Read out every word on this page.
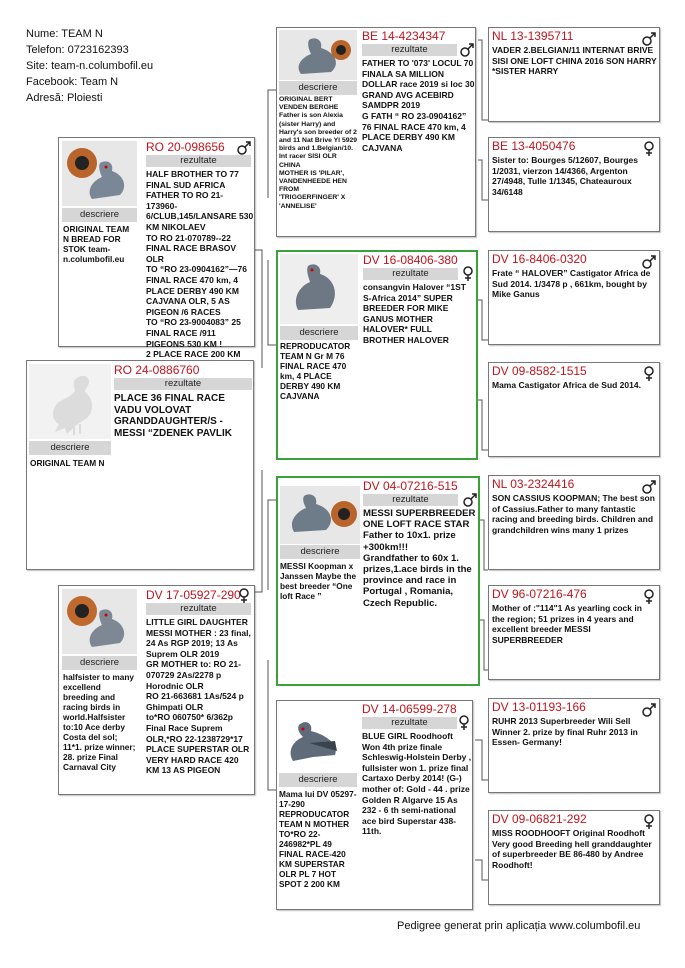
Nume: TEAM N
Telefon: 0723162393
Site: team-n.columbofil.eu
Facebook: Team N
Adresă: Ploiesti
descriere
ORIGINAL TEAM N
RO 24-0886760
rezultate
PLACE 36 FINAL RACE VADU VOLOVAT GRANDDAUGHTER/S -MESSI “ZDENEK PAVLIK
descriere
ORIGINAL TEAM N BREAD FOR STOK team-n.columbofil.eu
RO 20-098656
rezultate
HALF BROTHER TO 77 FINAL SUD AFRICA FATHER TO RO 21-173960-6/CLUB,145/LANSARE 530 KM NIKOLAEV
TO RO 21-070789--22 FINAL RACE BRASOV OLR
TO “RO 23-0904162”—76 FINAL RACE 470 km, 4 PLACE DERBY 490 KM CAJVANA OLR, 5 AS PIGEON /6 RACES
TO “RO 23-9004083” 25 FINAL RACE /911 PIGEONS 530 KM !
2 PLACE RACE 200 KM
descriere
halfsister to many excellend breeding and racing birds in world.Halfsister to:10 Ace derby Costa del sol; 11*1. prize winner; 28. prize Final Carnaval City
DV 17-05927-290
rezultate
LITTLE GIRL DAUGHTER MESSI MOTHER : 23 final, 24 As RGP 2019; 13 As Suprem OLR 2019
GR MOTHER to: RO 21-070729 2As/2278 p Horodnic OLR
RO 21-663681 1As/524 p Ghimpati OLR
to*RO 060750* 6/362p Final Race Suprem OLR,*RO 22-1238729*17 PLACE SUPERSTAR OLR VERY HARD RACE 420 KM 13 AS PIGEON
descriere
ORIGINAL BERT VENDEN BERGHE Father is son Alexia (sister Harry) and Harry's son breeder of 2 and 11 Nat Brive Yl 5929 birds and 1.Belgian/10. Int racer SISI OLR CHINA
MOTHER IS 'PILAR', VANDENHEEDE HEN FROM 'TRIGGERFINGER' X 'ANNELISE'
BE 14-4234347
rezultate
FATHER TO '073' LOCUL 70 FINALA SA MILLION DOLLAR race 2019 si loc 30 GRAND AVG ACEBIRD SAMDPR 2019
G FATH “ RO 23-0904162” 76 FINAL RACE 470 km, 4 PLACE DERBY 490 KM CAJVANA
descriere
REPRODUCATOR TEAM N Gr M 76 FINAL RACE 470 km, 4 PLACE DERBY 490 KM CAJVANA
DV 16-08406-380
rezultate
consangvin Halover “1ST S-Africa 2014” SUPER BREEDER FOR MIKE GANUS MOTHER HALOVER* FULL BROTHER HALOVER
descriere
MESSI Koopman x Janssen Maybe the best breeder “One loft Race ”
DV 04-07216-515
rezultate
MESSI SUPERBREEDER ONE LOFT RACE STAR
Father to 10x1. prize +300km!!!
Grandfather to 60x 1. prizes,1.ace birds in the province and race in Portugal , Romania, Czech Republic.
descriere
Mama lui DV 05297-17-290 REPRODUCATOR TEAM N MOTHER TO*RO 22-246982*PL 49 FINAL RACE-420 KM SUPERSTAR OLR PL 7 HOT SPOT 2 200 KM
DV 14-06599-278
rezultate
BLUE GIRL Roodhooft Won 4th prize finale Schleswig-Holstein Derby , fullsister won 1. prize final Cartaxo Derby 2014! (G-) mother of: Gold - 44 . prize Golden R Algarve 15 As 232 - 6 th semi-national ace bird Superstar 438-11th.
NL 13-1395711
VADER 2.BELGIAN/11 INTERNAT BRIVE SISI ONE LOFT CHINA 2016 SON HARRY *SISTER HARRY
BE 13-4050476
Sister to: Bourges 5/12607, Bourges 1/2031, vierzon 14/4366, Argenton 27/4948, Tulle 1/1345, Chateauroux 34/6148
DV 16-8406-0320
Frate “ HALOVER” Castigator Africa de Sud 2014. 1/3478 p , 661km, bought by Mike Ganus
DV 09-8582-1515
Mama Castigator Africa de Sud 2014.
NL 03-2324416
SON CASSIUS KOOPMAN; The best son of Cassius.Father to many fantastic racing and breeding birds. Children and grandchildren wins many 1 prizes
DV 96-07216-476
Mother of :"114"1 As yearling cock in the region; 51 prizes in 4 years and excellent breeder MESSI SUPERBREEDER
DV 13-01193-166
RUHR 2013 Superbreeder Wili Sell Winner 2. prize by final Ruhr 2013 in Essen- Germany!
DV 09-06821-292
MISS ROODHOOFT Original Roodhoft Very good Breeding hell granddaughter of superbreeder BE 86-480 by Andree Roodhoft!
Pedigree generat prin aplicația www.columbofil.eu
